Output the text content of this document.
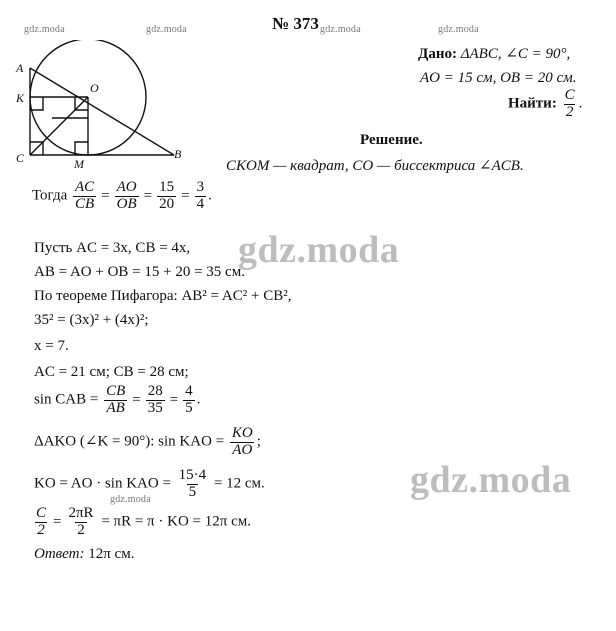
gdz.moda	gdz.moda	gdz.moda	gdz.moda
gdz.moda
gdz.moda
gdz.moda
№ 373
A
K
C	M
O
B
Дано: ΔABC, ∠C = 90°,
AO = 15 см, OB = 20 см.
Найти: $\frac{C}{2}$ .
Решение.
CKOM — квадрат, CO — биссектриса ∠ACB.
Тогда $\frac{AC}{CB} = \frac{AO}{OB} = \frac{15}{20} = \frac{3}{4}$ .
Пусть AC = 3x, CB = 4x,
AB = AO + OB = 15 + 20 = 35 см.
По теореме Пифагора: AB² = AC² + CB²,
35² = (3x)² + (4x)²;
x = 7.
AC = 21 см; CB = 28 см;
sin CAB = $\frac{CB}{AB} = \frac{28}{35} = \frac{4}{5}$ .
ΔAKO (∠K = 90°): sin KAO = $\frac{KO}{AO}$ ;
KO = AO · sin KAO = $\frac{15\cdot 4}{5} = 12$ см.
$\frac{C}{2} = \frac{2\pi R}{2} = \pi R = \pi$ · KO = 12π см.
Ответ: 12π см.
